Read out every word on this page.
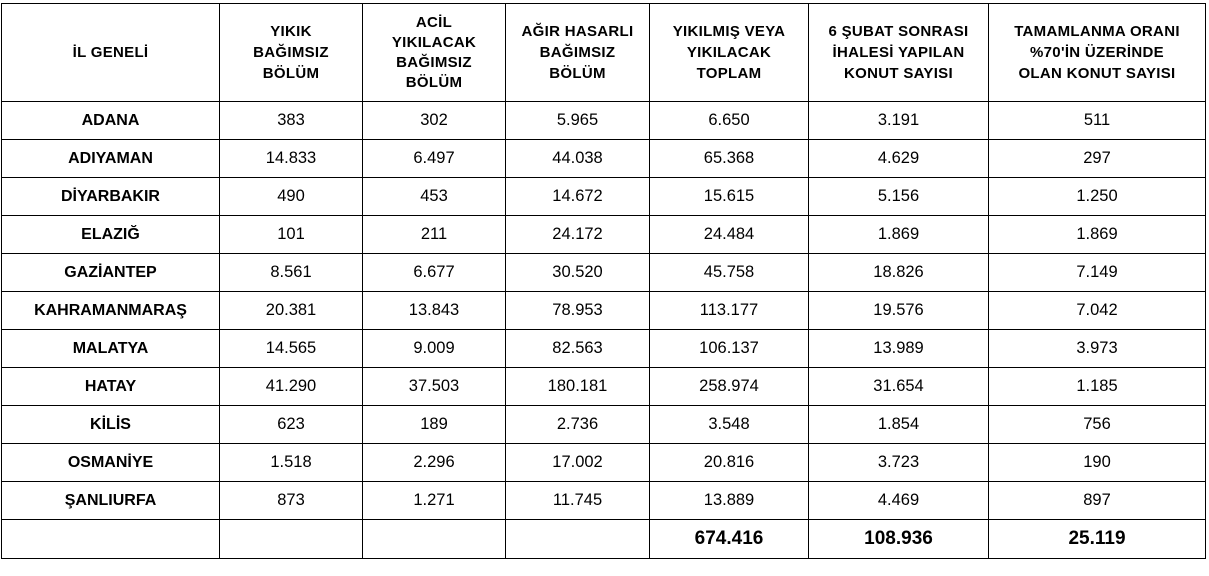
İL GENELİ	YIKIK
BAĞIMSIZ
BÖLÜM	ACİL
YIKILACAK
BAĞIMSIZ
BÖLÜM	AĞIR HASARLI
BAĞIMSIZ
BÖLÜM	YIKILMIŞ VEYA
YIKILACAK
TOPLAM	6 ŞUBAT SONRASI
İHALESİ YAPILAN
KONUT SAYISI	TAMAMLANMA ORANI
%70'İN ÜZERİNDE
OLAN KONUT SAYISI

ADANA	383	302	5.965	6.650	3.191	511
ADIYAMAN	14.833	6.497	44.038	65.368	4.629	297
DİYARBAKIR	490	453	14.672	15.615	5.156	1.250
ELAZIĞ	101	211	24.172	24.484	1.869	1.869
GAZİANTEP	8.561	6.677	30.520	45.758	18.826	7.149
KAHRAMANMARAŞ	20.381	13.843	78.953	113.177	19.576	7.042
MALATYA	14.565	9.009	82.563	106.137	13.989	3.973
HATAY	41.290	37.503	180.181	258.974	31.654	1.185
KİLİS	623	189	2.736	3.548	1.854	756
OSMANİYE	1.518	2.296	17.002	20.816	3.723	190
ŞANLIURFA	873	1.271	11.745	13.889	4.469	897
				674.416	108.936	25.119
